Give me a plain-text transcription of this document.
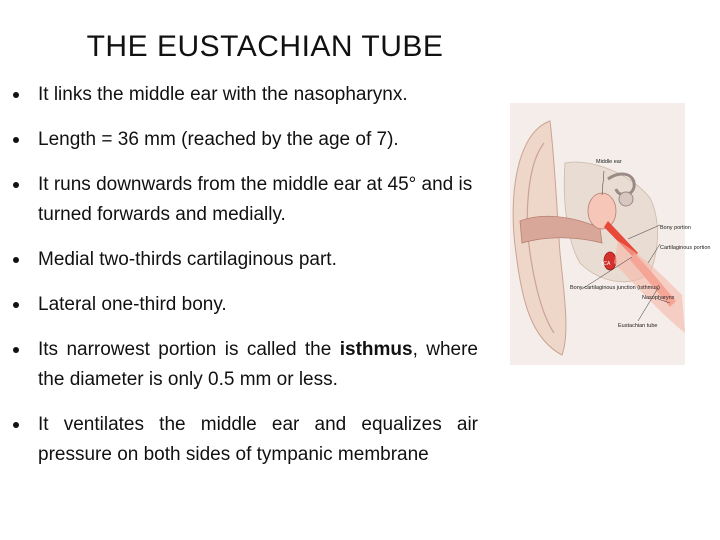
THE EUSTACHIAN TUBE
It links the middle ear with the nasopharynx.
Length = 36 mm (reached by the age of 7).
It runs downwards from the middle ear at 45° and is turned forwards and medially.
Medial two-thirds cartilaginous part.
Lateral one-third bony.
Its narrowest portion is called the isthmus, where the diameter is only 0.5 mm or less.
It ventilates the middle ear and equalizes air pressure on both sides of tympanic membrane
Middle ear
Bony portion
Cartilaginous portion
ICA
Bony-cartilaginous junction (isthmus)
Nasopharynx
Eustachian tube
